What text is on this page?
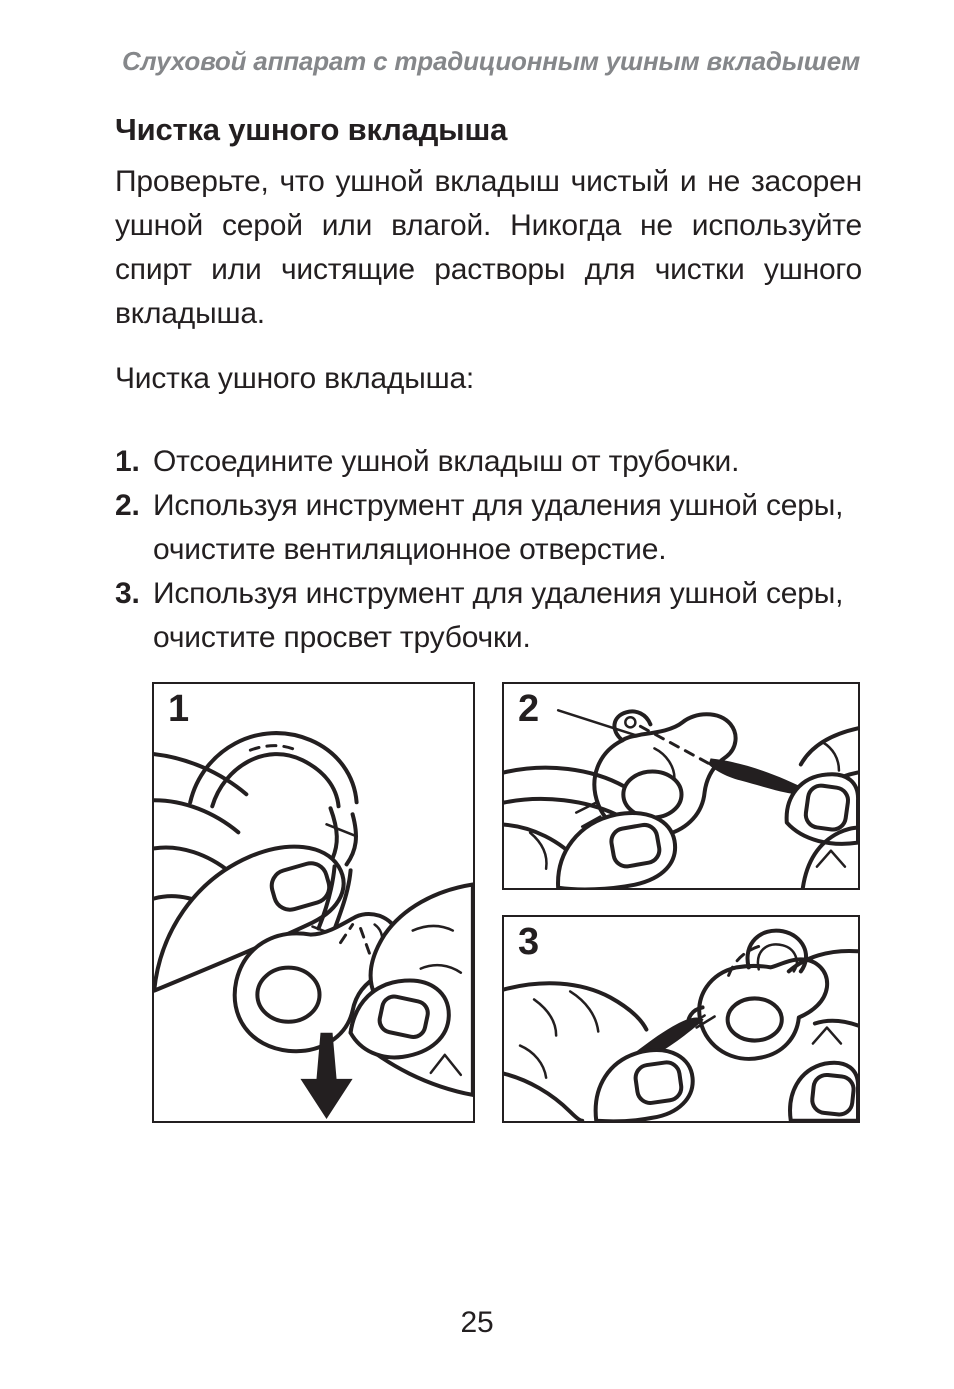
Слуховой аппарат с традиционным ушным вкладышем
Чистка ушного вкладыша

Проверьте, что ушной вкладыш чистый и не засорен ушной серой или влагой. Никогда не используйте спирт или чистящие растворы для чистки ушного вкладыша.

Чистка ушного вкладыша:
1. Отсоедините ушной вкладыш от трубочки.
2. Используя инструмент для удаления ушной серы, очистите вентиляционное отверстие.
3. Используя инструмент для удаления ушной серы, очистите просвет трубочки.
1	2
3
25
